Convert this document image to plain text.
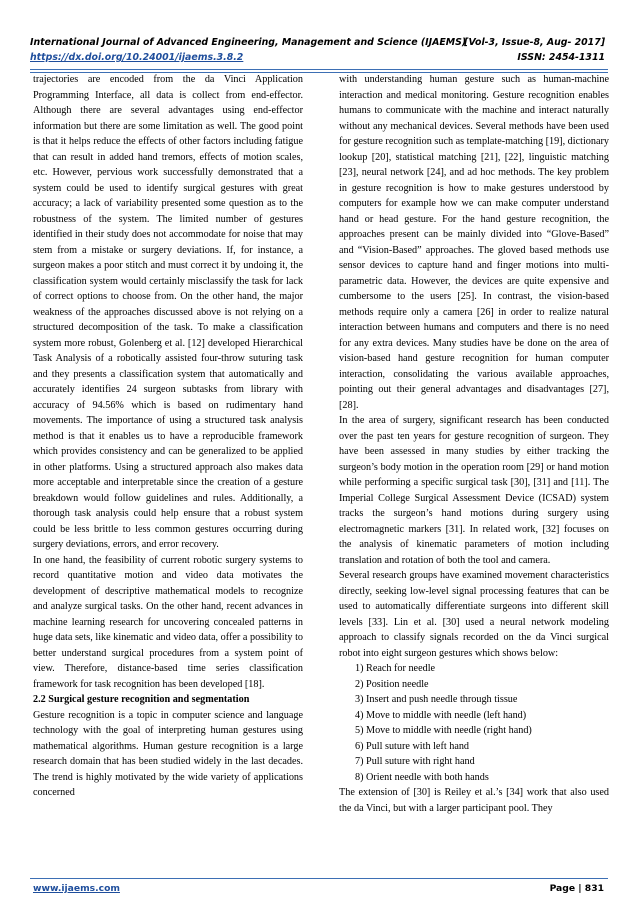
International Journal of Advanced Engineering, Management and Science (IJAEMS)
[Vol-3, Issue-8, Aug- 2017]
https://dx.doi.org/10.24001/ijaems.3.8.2	ISSN: 2454-1311

trajectories are encoded from the da Vinci Application Programming Interface, all data is collect from end-effector. Although there are several advantages using end-effector information but there are some limitation as well. The good point is that it helps reduce the effects of other factors including fatigue that can result in added hand tremors, effects of motion scales, etc. However, pervious work successfully demonstrated that a system could be used to identify surgical gestures with great accuracy; a lack of variability presented some question as to the robustness of the system. The limited number of gestures identified in their study does not accommodate for noise that may stem from a mistake or surgery deviations. If, for instance, a surgeon makes a poor stitch and must correct it by undoing it, the classification system would certainly misclassify the task for lack of correct options to choose from. On the other hand, the major weakness of the approaches discussed above is not relying on a structured decomposition of the task. To make a classification system more robust, Golenberg et al. [12] developed Hierarchical Task Analysis of a robotically assisted four-throw suturing task and they presents a classification system that automatically and accurately identifies 24 surgeon subtasks from library with accuracy of 94.56% which is based on rudimentary hand movements. The importance of using a structured task analysis method is that it enables us to have a reproducible framework which provides consistency and can be generalized to be applied in other platforms. Using a structured approach also makes data more acceptable and interpretable since the creation of a gesture breakdown would follow guidelines and rules. Additionally, a thorough task analysis could help ensure that a robust system could be less brittle to less common gestures occurring during surgery deviations, errors, and error recovery.

In one hand, the feasibility of current robotic surgery systems to record quantitative motion and video data motivates the development of descriptive mathematical models to recognize and analyze surgical tasks. On the other hand, recent advances in machine learning research for uncovering concealed patterns in huge data sets, like kinematic and video data, offer a possibility to better understand surgical procedures from a system point of view. Therefore, distance-based time series classification framework for task recognition has been developed [18].

2.2 Surgical gesture recognition and segmentation

Gesture recognition is a topic in computer science and language technology with the goal of interpreting human gestures using mathematical algorithms. Human gesture recognition is a large research domain that has been studied widely in the last decades. The trend is highly motivated by the wide variety of applications concerned

with understanding human gesture such as human-machine interaction and medical monitoring. Gesture recognition enables humans to communicate with the machine and interact naturally without any mechanical devices. Several methods have been used for gesture recognition such as template-matching [19], dictionary lookup [20], statistical matching [21], [22], linguistic matching [23], neural network [24], and ad hoc methods. The key problem in gesture recognition is how to make gestures understood by computers for example how we can make computer understand hand or head gesture. For the hand gesture recognition, the approaches present can be mainly divided into “Glove-Based” and “Vision-Based” approaches. The gloved based methods use sensor devices to capture hand and finger motions into multi-parametric data. However, the devices are quite expensive and cumbersome to the users [25]. In contrast, the vision-based methods require only a camera [26] in order to realize natural interaction between humans and computers and there is no need for any extra devices. Many studies have be done on the area of vision-based hand gesture recognition for human computer interaction, consolidating the various available approaches, pointing out their general advantages and disadvantages [27], [28].

In the area of surgery, significant research has been conducted over the past ten years for gesture recognition of surgeon. They have been assessed in many studies by either tracking the surgeon’s body motion in the operation room [29] or hand motion while performing a specific surgical task [30], [31] and [11]. The Imperial College Surgical Assessment Device (ICSAD) system tracks the surgeon’s hand motions during surgery using electromagnetic markers [31]. In related work, [32] focuses on the analysis of kinematic parameters of motion including translation and rotation of both the tool and camera.

Several research groups have examined movement characteristics directly, seeking low-level signal processing features that can be used to automatically differentiate surgeons into different skill levels [33]. Lin et al. [30] used a neural network modeling approach to classify signals recorded on the da Vinci surgical robot into eight surgeon gestures which shows below:

1) Reach for needle
2) Position needle
3) Insert and push needle through tissue
4) Move to middle with needle (left hand)
5) Move to middle with needle (right hand)
6) Pull suture with left hand
7) Pull suture with right hand
8) Orient needle with both hands

The extension of [30] is Reiley et al.’s [34] work that also used the da Vinci, but with a larger participant pool. They

www.ijaems.com	Page | 831
